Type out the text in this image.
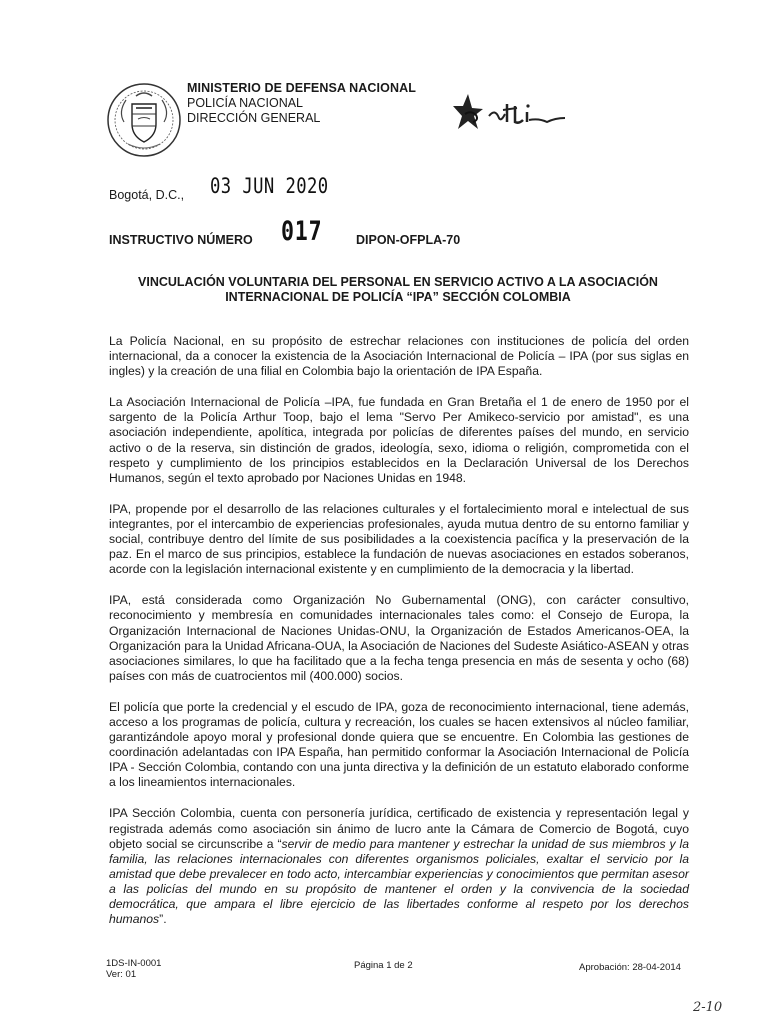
MINISTERIO DE DEFENSA NACIONAL
POLICÍA NACIONAL
DIRECCIÓN GENERAL
Bogotá, D.C., 03 JUN 2020
INSTRUCTIVO NÚMERO 017	DIPON-OFPLA-70
VINCULACIÓN VOLUNTARIA DEL PERSONAL EN SERVICIO ACTIVO A LA ASOCIACIÓN
INTERNACIONAL DE POLICÍA “IPA” SECCIÓN COLOMBIA

La Policía Nacional, en su propósito de estrechar relaciones con instituciones de policía del orden internacional, da a conocer la existencia de la Asociación Internacional de Policía – IPA (por sus siglas en ingles) y la creación de una filial en Colombia bajo la orientación de IPA España.

La Asociación Internacional de Policía –IPA, fue fundada en Gran Bretaña el 1 de enero de 1950 por el sargento de la Policía Arthur Toop, bajo el lema "Servo Per Amikeco-servicio por amistad", es una asociación independiente, apolítica, integrada por policías de diferentes países del mundo, en servicio activo o de la reserva, sin distinción de grados, ideología, sexo, idioma o religión, comprometida con el respeto y cumplimiento de los principios establecidos en la Declaración Universal de los Derechos Humanos, según el texto aprobado por Naciones Unidas en 1948.

IPA, propende por el desarrollo de las relaciones culturales y el fortalecimiento moral e intelectual de sus integrantes, por el intercambio de experiencias profesionales, ayuda mutua dentro de su entorno familiar y social, contribuye dentro del límite de sus posibilidades a la coexistencia pacífica y la preservación de la paz. En el marco de sus principios, establece la fundación de nuevas asociaciones en estados soberanos, acorde con la legislación internacional existente y en cumplimiento de la democracia y la libertad.

IPA, está considerada como Organización No Gubernamental (ONG), con carácter consultivo, reconocimiento y membresía en comunidades internacionales tales como: el Consejo de Europa, la Organización Internacional de Naciones Unidas-ONU, la Organización de Estados Americanos-OEA, la Organización para la Unidad Africana-OUA, la Asociación de Naciones del Sudeste Asiático-ASEAN y otras asociaciones similares, lo que ha facilitado que a la fecha tenga presencia en más de sesenta y ocho (68) países con más de cuatrocientos mil (400.000) socios.

El policía que porte la credencial y el escudo de IPA, goza de reconocimiento internacional, tiene además, acceso a los programas de policía, cultura y recreación, los cuales se hacen extensivos al núcleo familiar, garantizándole apoyo moral y profesional donde quiera que se encuentre. En Colombia las gestiones de coordinación adelantadas con IPA España, han permitido conformar la Asociación Internacional de Policía IPA - Sección Colombia, contando con una junta directiva y la definición de un estatuto elaborado conforme a los lineamientos internacionales.

IPA Sección Colombia, cuenta con personería jurídica, certificado de existencia y representación legal y registrada además como asociación sin ánimo de lucro ante la Cámara de Comercio de Bogotá, cuyo objeto social se circunscribe a “servir de medio para mantener y estrechar la unidad de sus miembros y la familia, las relaciones internacionales con diferentes organismos policiales, exaltar el servicio por la amistad que debe prevalecer en todo acto, intercambiar experiencias y conocimientos que permitan asesor a las policías del mundo en su propósito de mantener el orden y la convivencia de la sociedad democrática, que ampara el libre ejercicio de las libertades conforme al respeto por los derechos humanos”.

1DS-IN-0001
Ver: 01
Página 1 de 2	Aprobación: 28-04-2014
2-10
